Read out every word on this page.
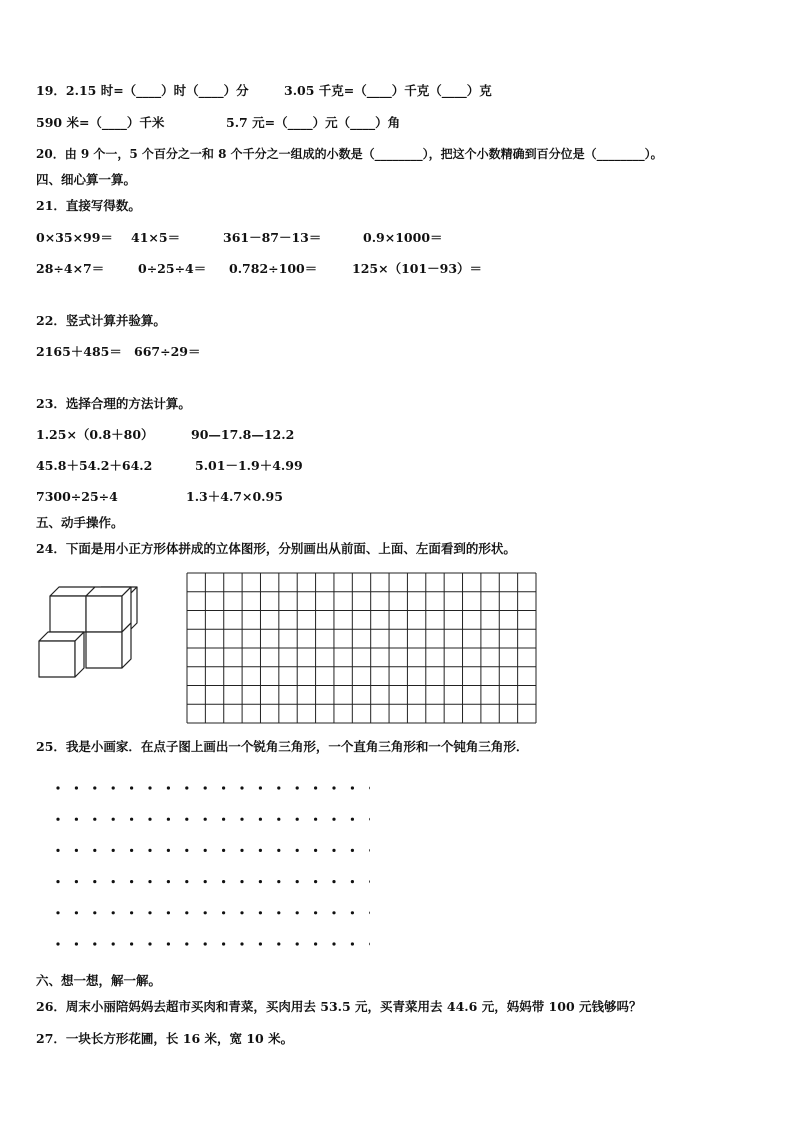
19．2.15 时=（____）时（____）分	3.05 千克=（____）千克（____）克
590 米=（____）千米	5.7 元=（____）元（____）角
20．由 9 个一，5 个百分之一和 8 个千分之一组成的小数是（________），把这个小数精确到百分位是（________）。
四、细心算一算。
21．直接写得数。
0×35×99＝ 41×5＝	361－87－13＝	0.9×1000＝
28÷4×7＝	0÷25÷4＝ 0.782÷100＝	125×（101－93）＝
22．竖式计算并验算。
2165＋485＝ 667÷29＝
23．选择合理的方法计算。
1.25×（0.8＋80）	90—17.8—12.2
45.8＋54.2＋64.2	5.01－1.9＋4.99
7300÷25÷4	1.3＋4.7×0.95
五、动手操作。
24．下面是用小正方形体拼成的立体图形，分别画出从前面、上面、左面看到的形状。
25．我是小画家．在点子图上画出一个锐角三角形，一个直角三角形和一个钝角三角形．
六、想一想，解一解。
26．周末小丽陪妈妈去超市买肉和青菜，买肉用去 53.5 元，买青菜用去 44.6 元，妈妈带 100 元钱够吗？
27．一块长方形花圃，长 16 米，宽 10 米。
